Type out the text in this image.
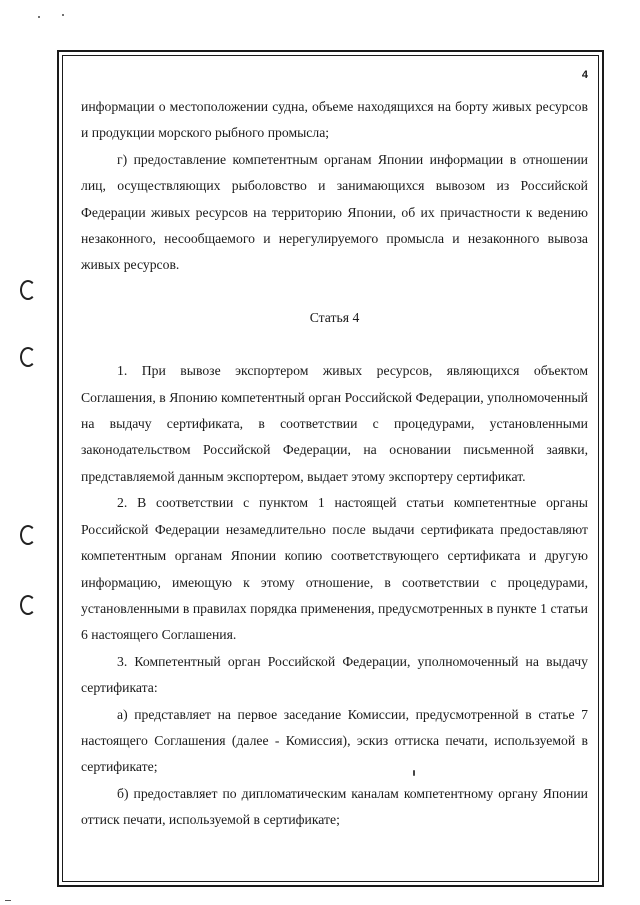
4

информации о местоположении судна, объеме находящихся на борту живых ресурсов и продукции морского рыбного промысла;

г) предоставление компетентным органам Японии информации в отношении лиц, осуществляющих рыболовство и занимающихся вывозом из Российской Федерации живых ресурсов на территорию Японии, об их причастности к ведению незаконного, несообщаемого и нерегулируемого промысла и незаконного вывоза живых ресурсов.

Статья 4

1. При вывозе экспортером живых ресурсов, являющихся объектом Соглашения, в Японию компетентный орган Российской Федерации, уполномоченный на выдачу сертификата, в соответствии с процедурами, установленными законодательством Российской Федерации, на основании письменной заявки, представляемой данным экспортером, выдает этому экспортеру сертификат.

2. В соответствии с пунктом 1 настоящей статьи компетентные органы Российской Федерации незамедлительно после выдачи сертификата предоставляют компетентным органам Японии копию соответствующего сертификата и другую информацию, имеющую к этому отношение, в соответствии с процедурами, установленными в правилах порядка применения, предусмотренных в пункте 1 статьи 6 настоящего Соглашения.

3. Компетентный орган Российской Федерации, уполномоченный на выдачу сертификата:

а) представляет на первое заседание Комиссии, предусмотренной в статье 7 настоящего Соглашения (далее - Комиссия), эскиз оттиска печати, используемой в сертификате;

б) предоставляет по дипломатическим каналам компетентному органу Японии оттиск печати, используемой в сертификате;
